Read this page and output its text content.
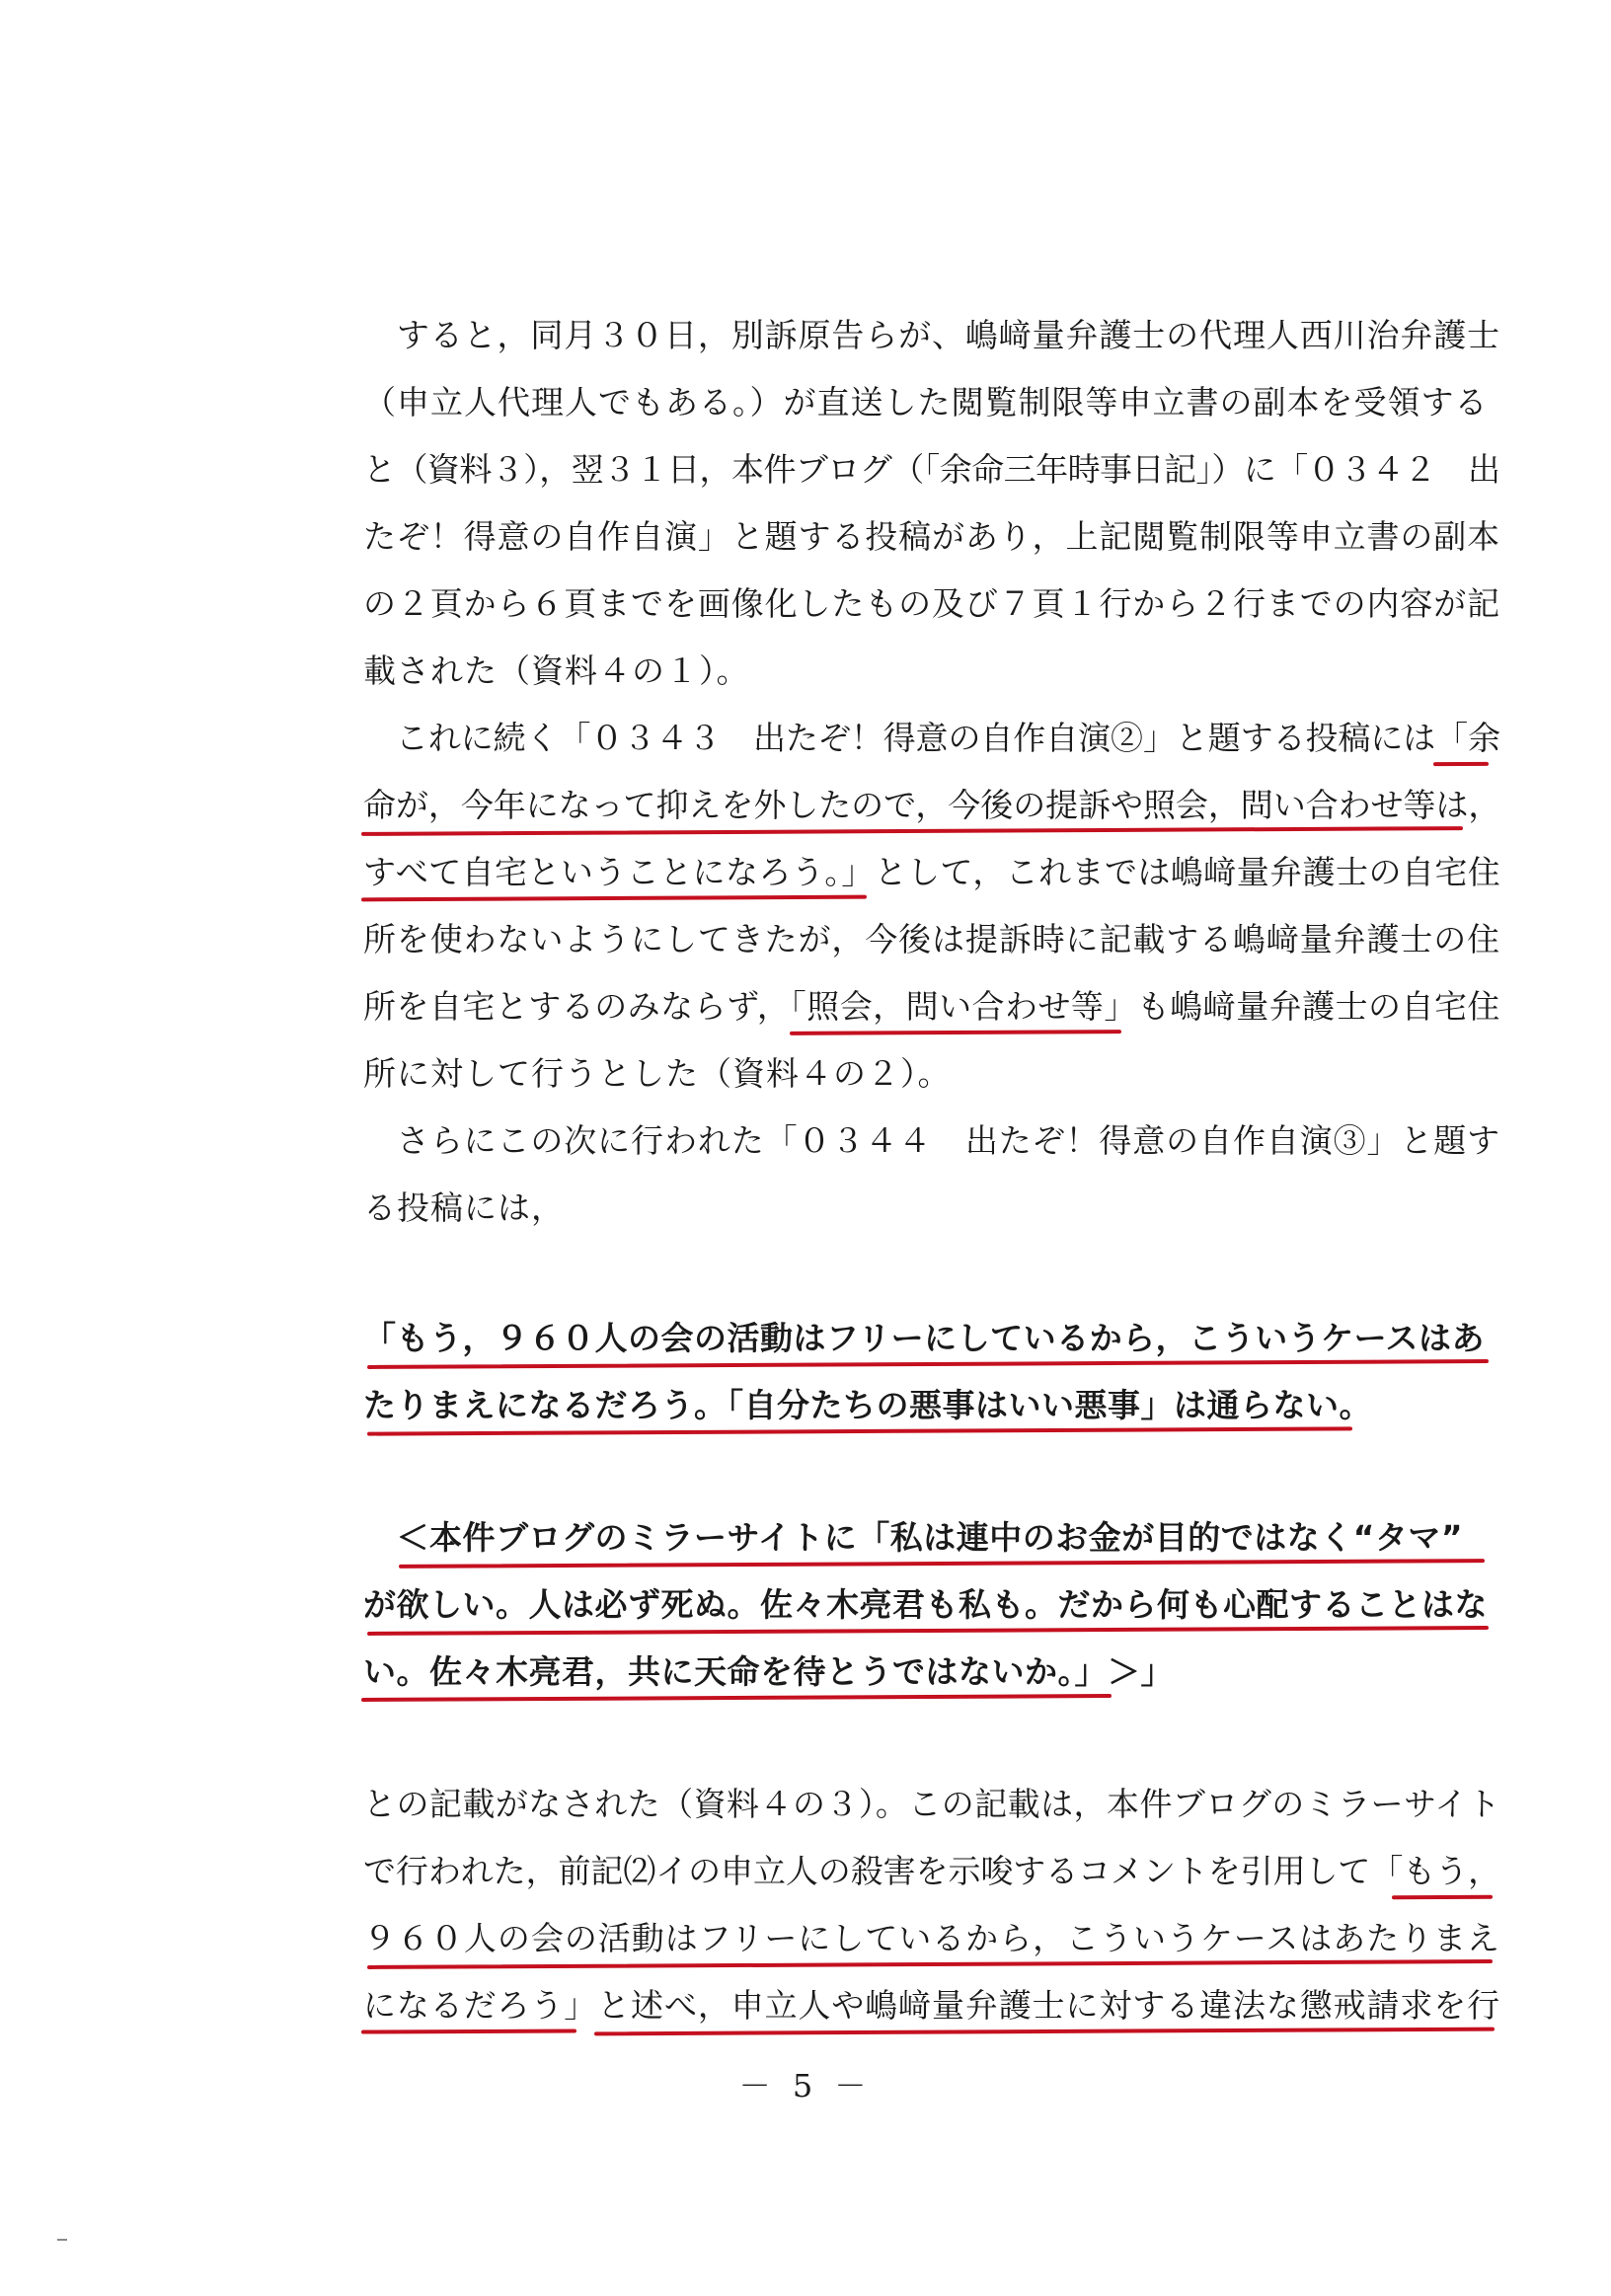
　すると，同月３０日，別訴原告らが、嶋﨑量弁護士の代理人西川治弁護士
（申立人代理人でもある。）が直送した閲覧制限等申立書の副本を受領する
と（資料３），翌３１日，本件ブログ（「余命三年時事日記」）に「０３４２　出
たぞ！得意の自作自演」と題する投稿があり，上記閲覧制限等申立書の副本
の２頁から６頁までを画像化したもの及び７頁１行から２行までの内容が記
載された（資料４の１）。
　これに続く「０３４３　出たぞ！得意の自作自演②」と題する投稿には「余
命が，今年になって抑えを外したので，今後の提訴や照会，問い合わせ等は，
すべて自宅ということになろう。」として，これまでは嶋﨑量弁護士の自宅住
所を使わないようにしてきたが，今後は提訴時に記載する嶋﨑量弁護士の住
所を自宅とするのみならず，「照会，問い合わせ等」も嶋﨑量弁護士の自宅住
所に対して行うとした（資料４の２）。
　さらにこの次に行われた「０３４４　出たぞ！得意の自作自演③」と題す
る投稿には，
「もう，９６０人の会の活動はフリーにしているから，こういうケースはあ
たりまえになるだろう。「自分たちの悪事はいい悪事」は通らない。
　＜本件ブログのミラーサイトに「私は連中のお金が目的ではなく“タマ”
が欲しい。人は必ず死ぬ。佐々木亮君も私も。だから何も心配することはな
い。佐々木亮君，共に天命を待とうではないか。」＞」
との記載がなされた（資料４の３）。この記載は，本件ブログのミラーサイト
で行われた，前記⑵イの申立人の殺害を示唆するコメントを引用して「もう，
９６０人の会の活動はフリーにしているから，こういうケースはあたりまえ
になるだろう」と述べ，申立人や嶋﨑量弁護士に対する違法な懲戒請求を行
－ 5 －
